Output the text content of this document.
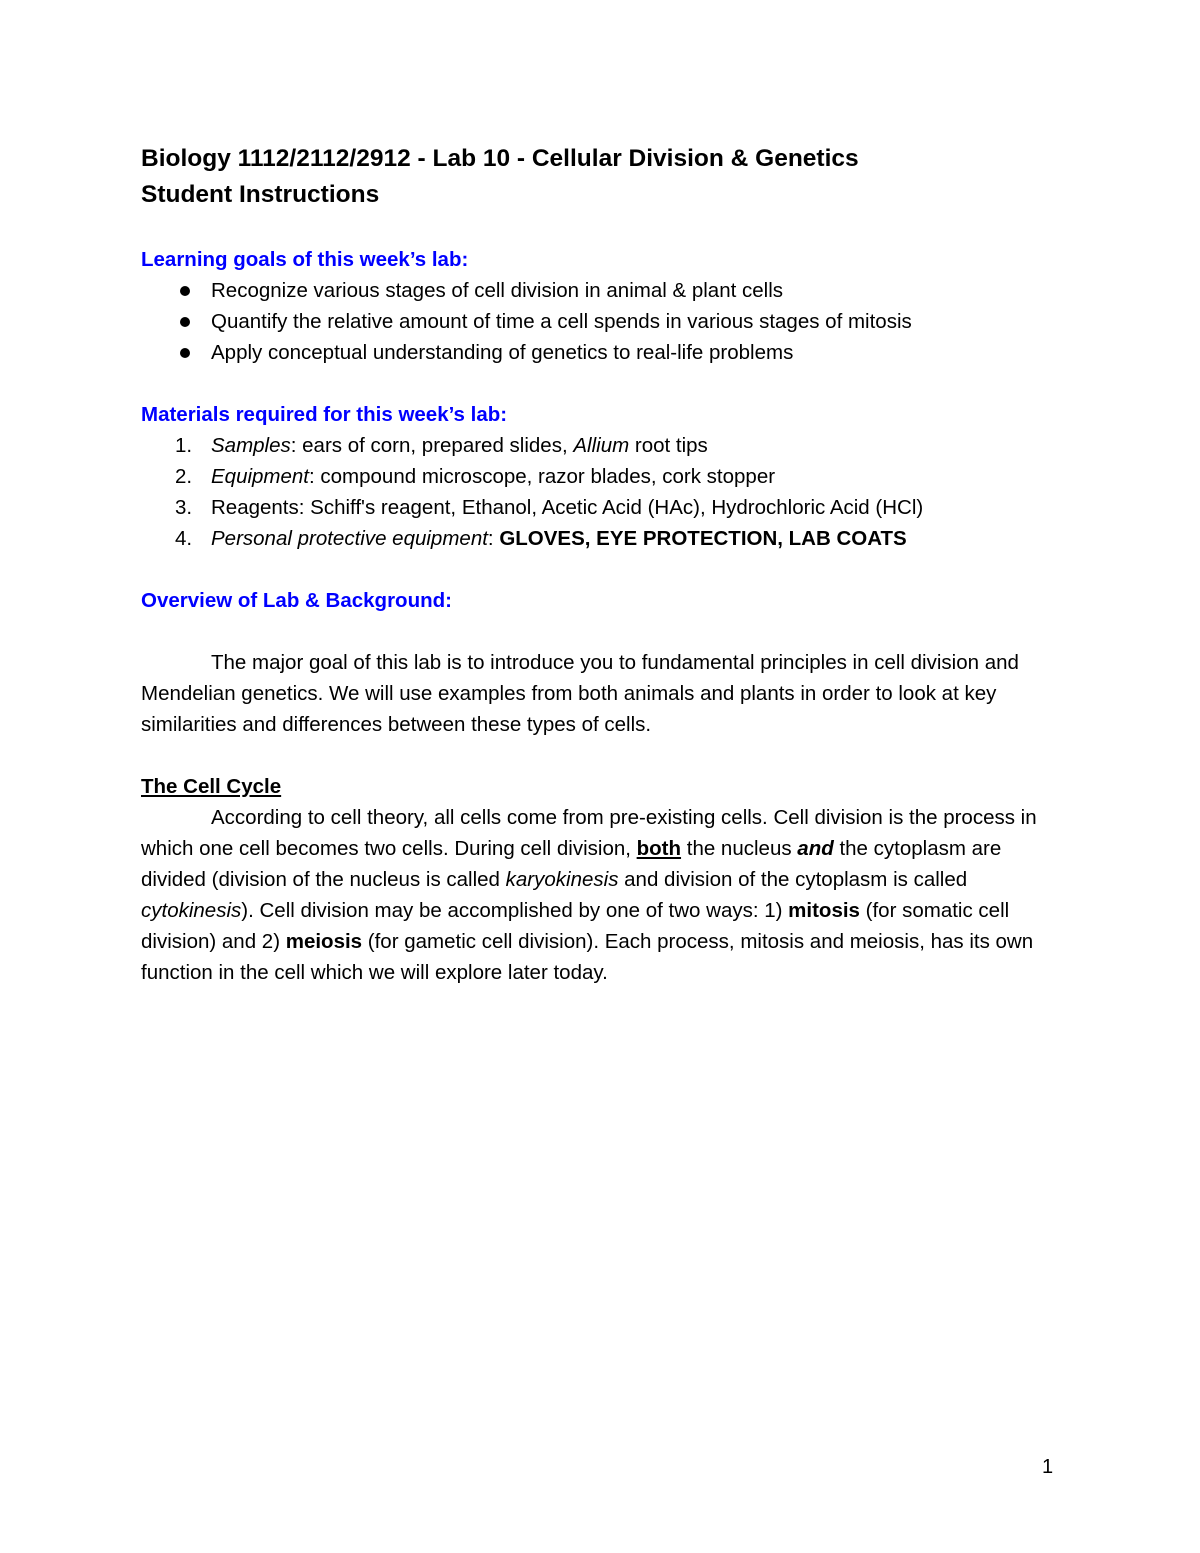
Biology 1112/2112/2912 - Lab 10 - Cellular Division & Genetics
Student Instructions
Learning goals of this week’s lab:
Recognize various stages of cell division in animal & plant cells
Quantify the relative amount of time a cell spends in various stages of mitosis
Apply conceptual understanding of genetics to real-life problems
Materials required for this week’s lab:
1. Samples: ears of corn, prepared slides, Allium root tips
2. Equipment: compound microscope, razor blades, cork stopper
3. Reagents: Schiff's reagent, Ethanol, Acetic Acid (HAc), Hydrochloric Acid (HCl)
4. Personal protective equipment: GLOVES, EYE PROTECTION, LAB COATS
Overview of Lab & Background:

The major goal of this lab is to introduce you to fundamental principles in cell division and Mendelian genetics. We will use examples from both animals and plants in order to look at key similarities and differences between these types of cells.

The Cell Cycle

According to cell theory, all cells come from pre-existing cells. Cell division is the process in which one cell becomes two cells. During cell division, both the nucleus and the cytoplasm are divided (division of the nucleus is called karyokinesis and division of the cytoplasm is called cytokinesis). Cell division may be accomplished by one of two ways: 1) mitosis (for somatic cell division) and 2) meiosis (for gametic cell division). Each process, mitosis and meiosis, has its own function in the cell which we will explore later today.

1
